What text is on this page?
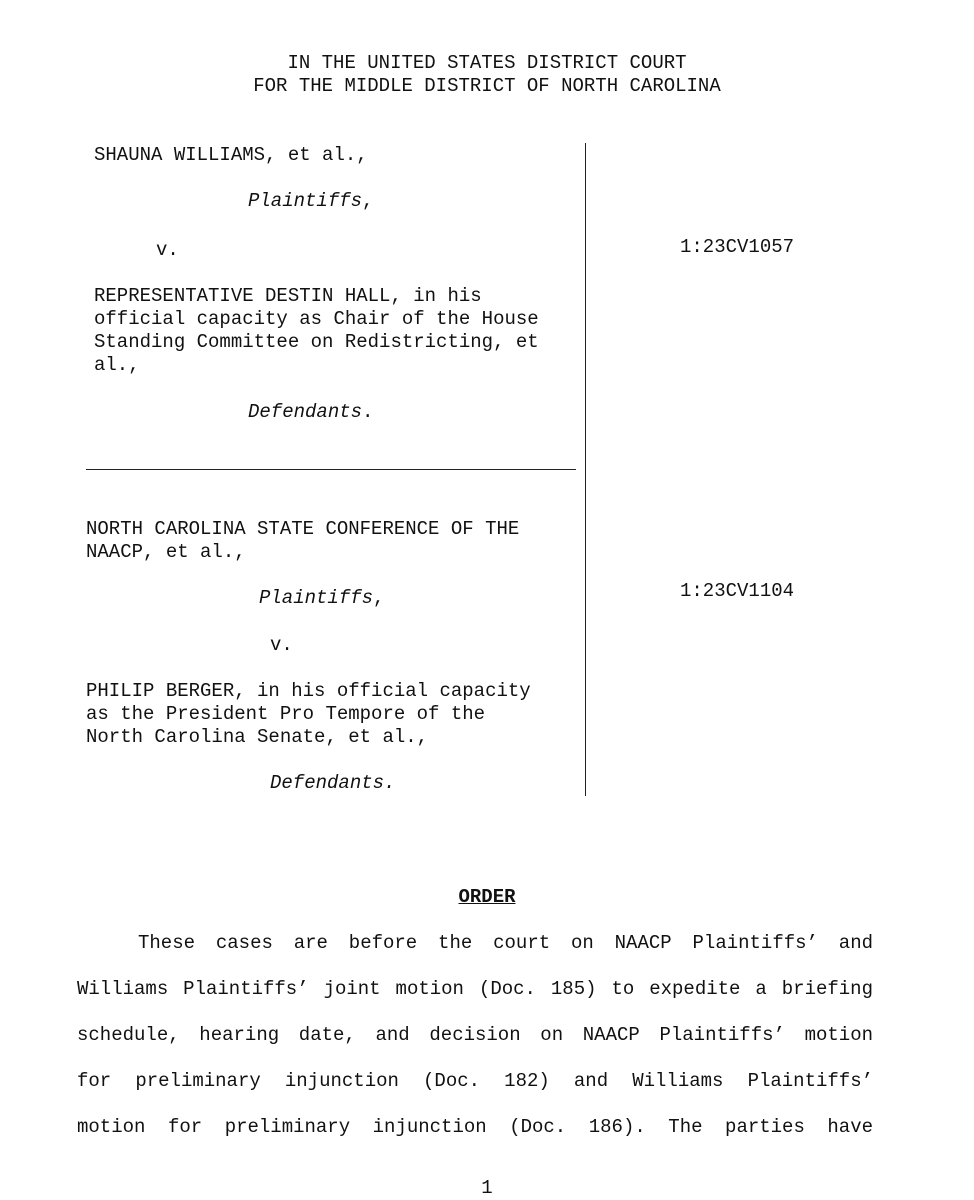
IN THE UNITED STATES DISTRICT COURT
FOR THE MIDDLE DISTRICT OF NORTH CAROLINA
SHAUNA WILLIAMS, et al.,
Plaintiffs,
v.
REPRESENTATIVE DESTIN HALL, in his
official capacity as Chair of the House
Standing Committee on Redistricting, et
al.,
Defendants.
1:23CV1057
NORTH CAROLINA STATE CONFERENCE OF THE
NAACP, et al.,
Plaintiffs,
v.
PHILIP BERGER, in his official capacity
as the President Pro Tempore of the
North Carolina Senate, et al.,
Defendants.
1:23CV1104
ORDER
These cases are before the court on NAACP Plaintiffs’ and
Williams Plaintiffs’ joint motion (Doc. 185) to expedite a briefing
schedule, hearing date, and decision on NAACP Plaintiffs’ motion
for preliminary injunction (Doc. 182) and Williams Plaintiffs’
motion for preliminary injunction (Doc. 186). The parties have
1
